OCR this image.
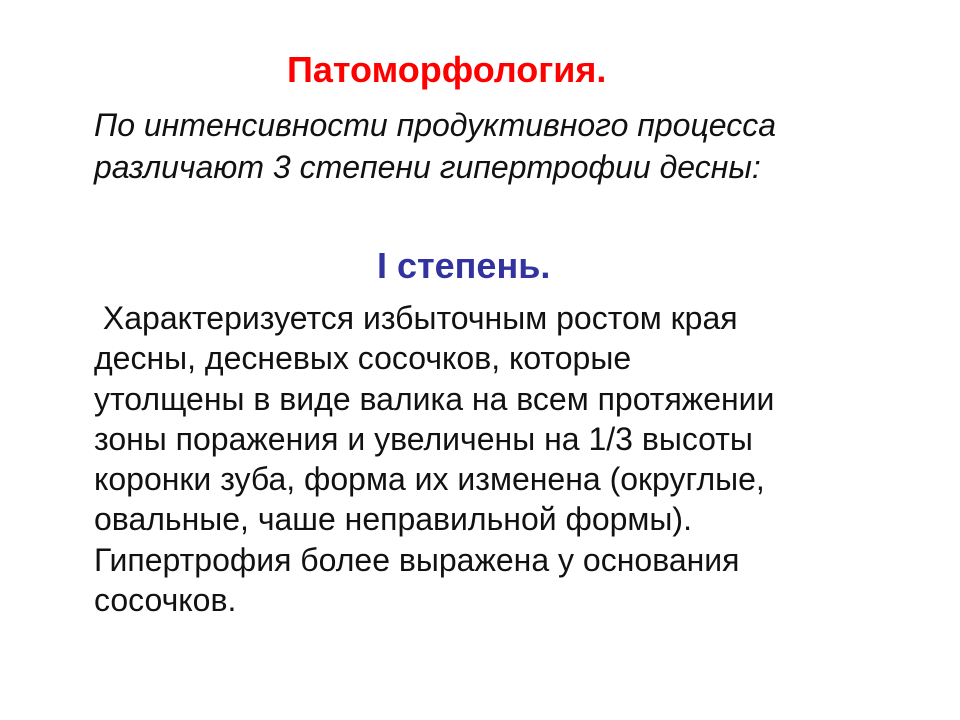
Патоморфология.
По интенсивности продуктивного процесса
различают 3 степени гипертрофии десны:
I степень.
Характеризуется избыточным ростом края
десны, десневых сосочков, которые
утолщены в виде валика на всем протяжении
зоны поражения и увеличены на 1/3 высоты
коронки зуба, форма их изменена (округлые,
овальные, чаше неправильной формы).
Гипертрофия более выражена у основания
сосочков.
